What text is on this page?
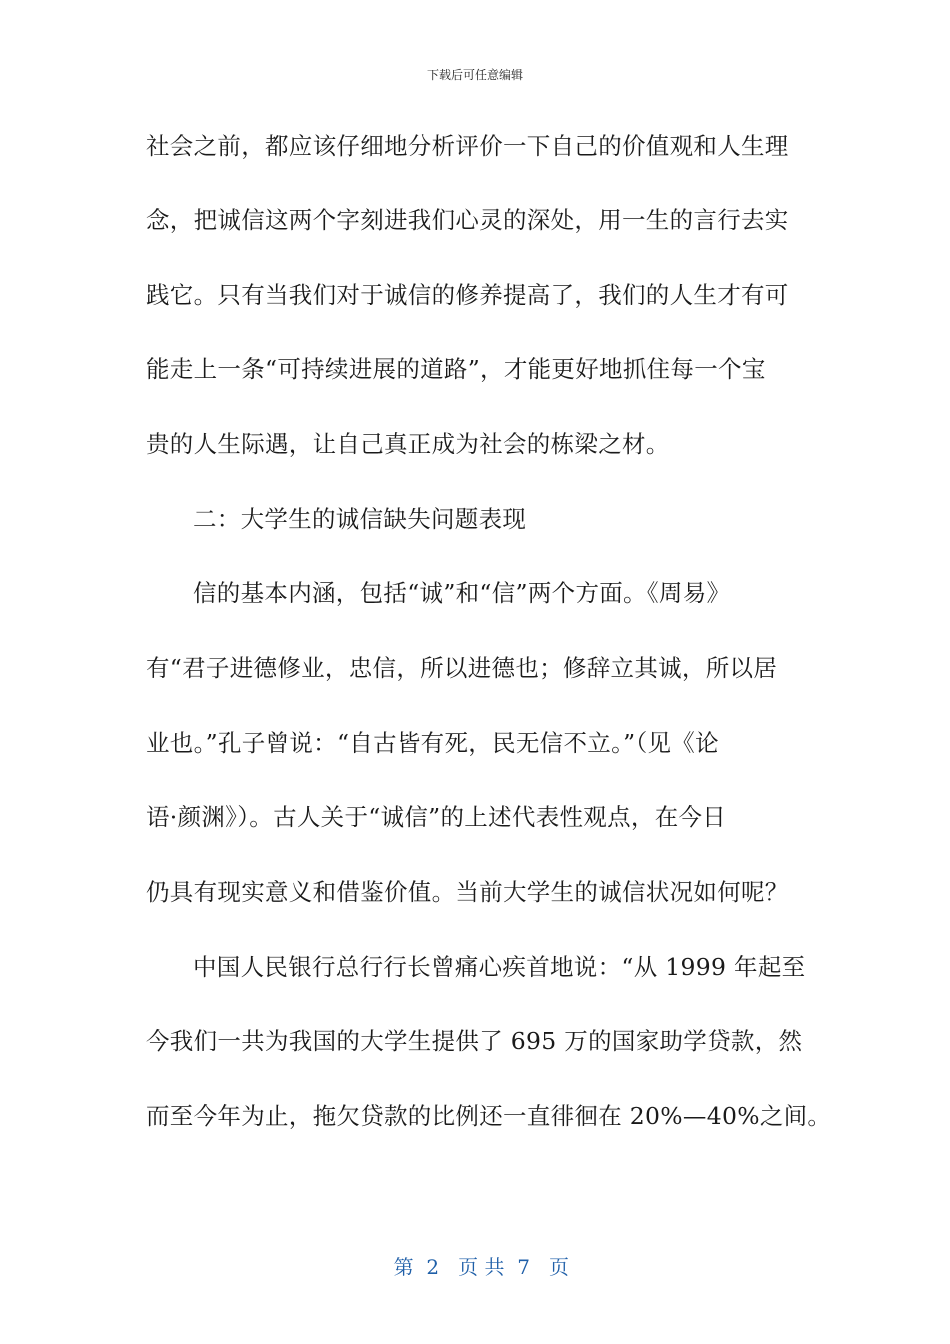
下载后可任意编辑
社会之前，都应该仔细地分析评价一下自己的价值观和人生理
念，把诚信这两个字刻进我们心灵的深处，用一生的言行去实
践它。只有当我们对于诚信的修养提高了，我们的人生才有可
能走上一条“可持续进展的道路”，才能更好地抓住每一个宝
贵的人生际遇，让自己真正成为社会的栋梁之材。
二：大学生的诚信缺失问题表现
信的基本内涵，包括“诚”和“信”两个方面。《周易》
有“君子进德修业，忠信，所以进德也；修辞立其诚，所以居
业也。”孔子曾说：“自古皆有死，民无信不立。”（见《论
语·颜渊》）。古人关于“诚信”的上述代表性观点，在今日
仍具有现实意义和借鉴价值。当前大学生的诚信状况如何呢？
中国人民银行总行行长曾痛心疾首地说：“从 1999 年起至
今我们一共为我国的大学生提供了 695 万的国家助学贷款，然
而至今年为止，拖欠贷款的比例还一直徘徊在 20%—40%之间。

第  2   页 共  7   页
